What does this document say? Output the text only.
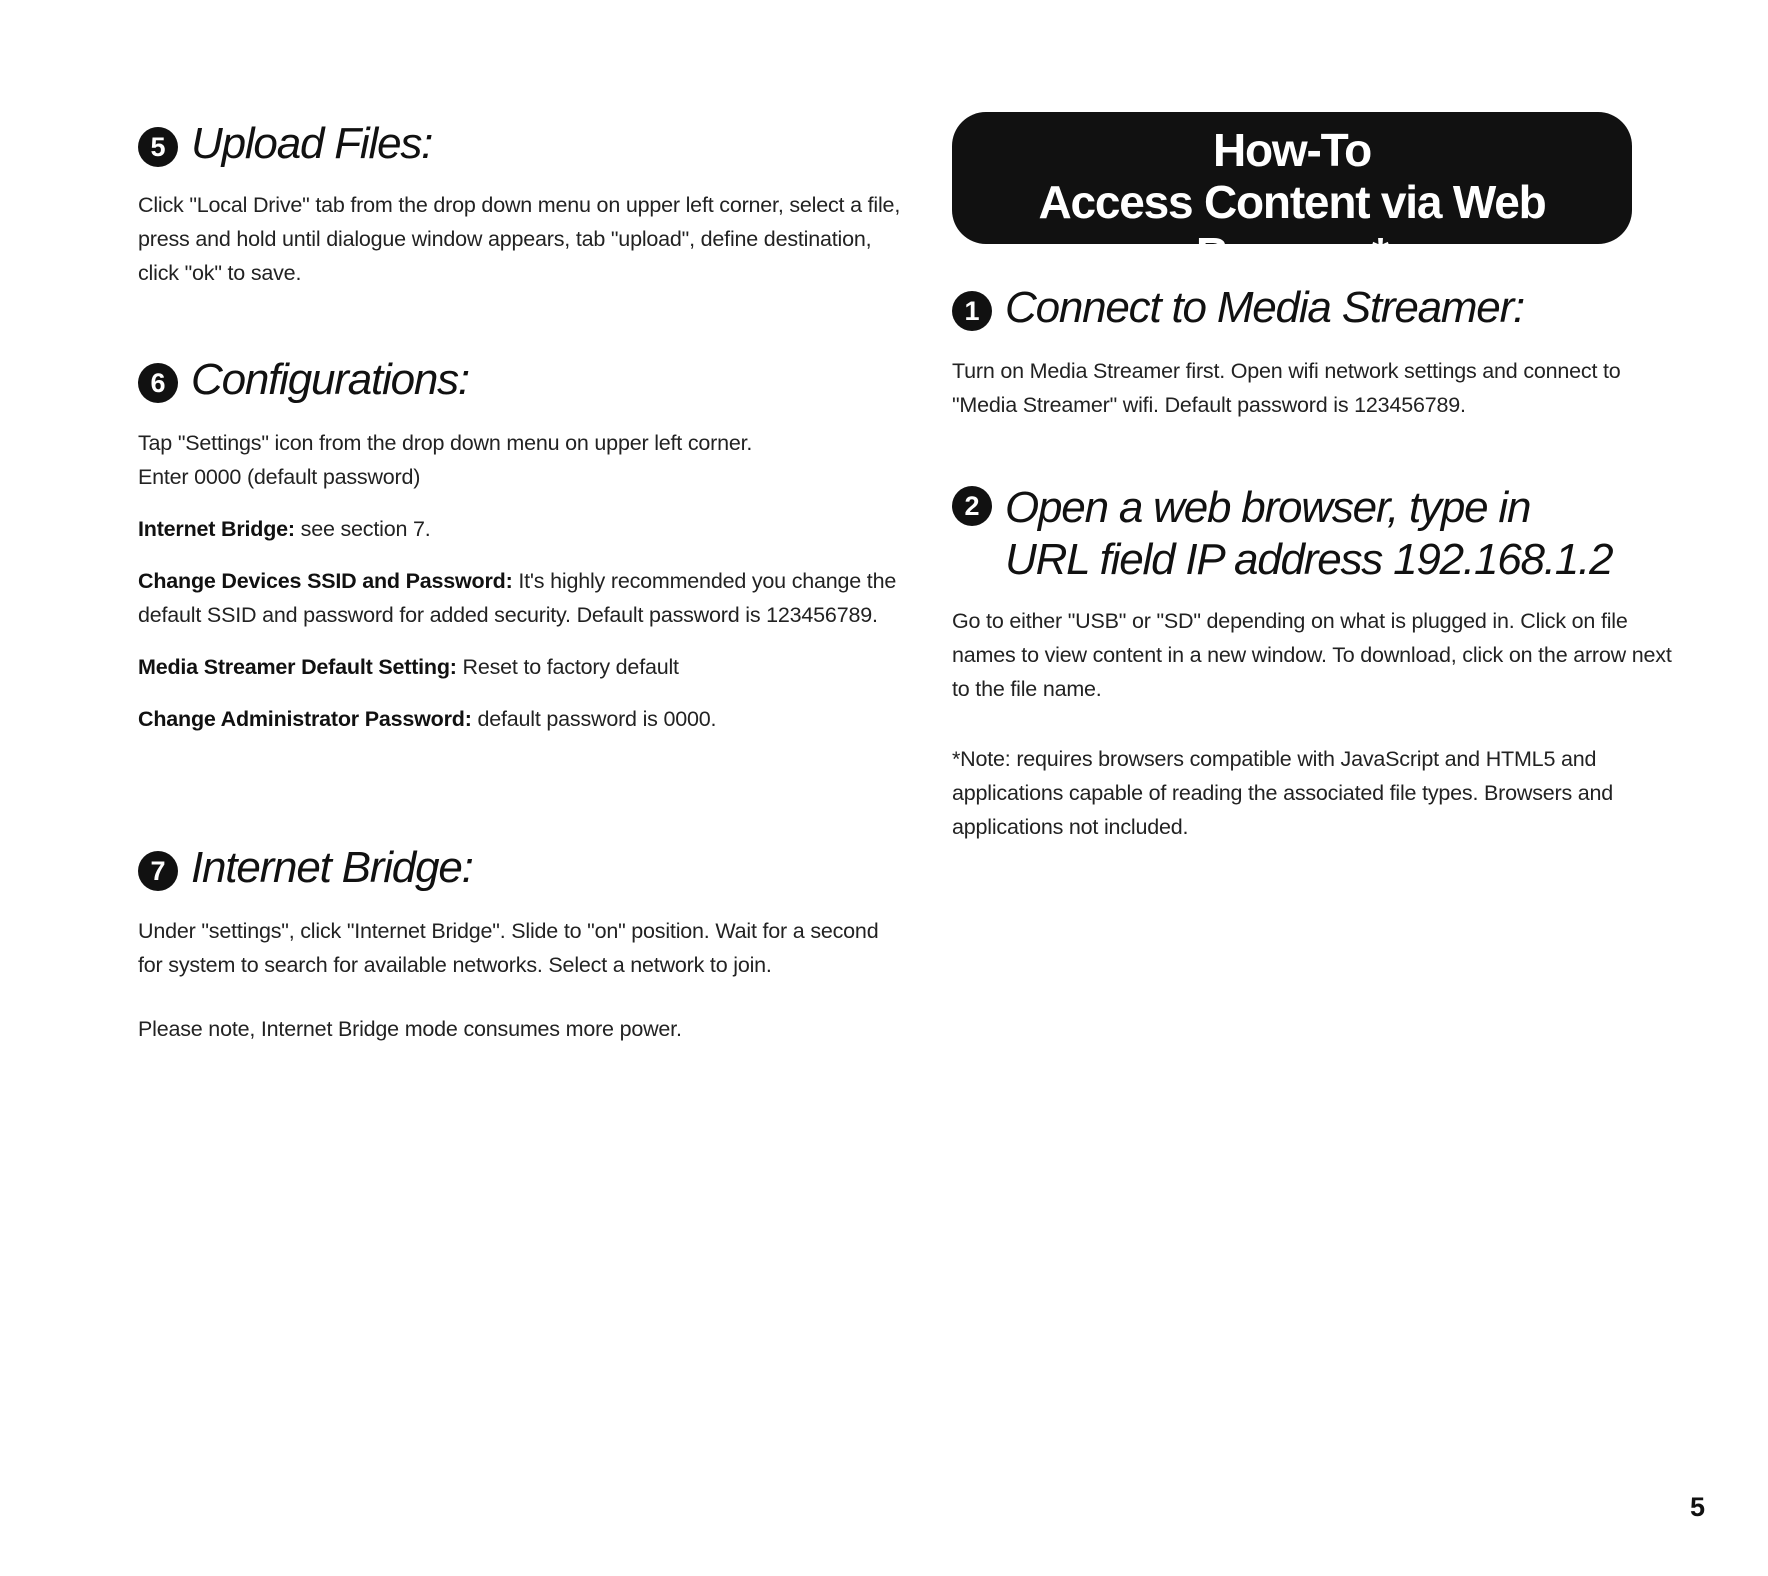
5 Upload Files:

Click "Local Drive" tab from the drop down menu on upper left corner, select a file, press and hold until dialogue window appears, tab "upload", define destination, click "ok" to save.

6 Configurations:

Tap "Settings" icon from the drop down menu on upper left corner.
Enter 0000 (default password)

Internet Bridge: see section 7.

Change Devices SSID and Password: It's highly recommended you change the default SSID and password for added security. Default password is 123456789.

Media Streamer Default Setting: Reset to factory default

Change Administrator Password: default password is 0000.

7 Internet Bridge:

Under "settings", click "Internet Bridge". Slide to "on" position. Wait for a second for system to search for available networks. Select a network to join.

Please note, Internet Bridge mode consumes more power.

How-To
Access Content via Web Browser*
1 Connect to Media Streamer:

Turn on Media Streamer first. Open wifi network settings and connect to "Media Streamer" wifi. Default password is 123456789.

2 Open a web browser, type in
URL field IP address 192.168.1.2

Go to either "USB" or "SD" depending on what is plugged in. Click on file names to view content in a new window. To download, click on the arrow next to the file name.

*Note: requires browsers compatible with JavaScript and HTML5 and applications capable of reading the associated file types. Browsers and applications not included.

5
